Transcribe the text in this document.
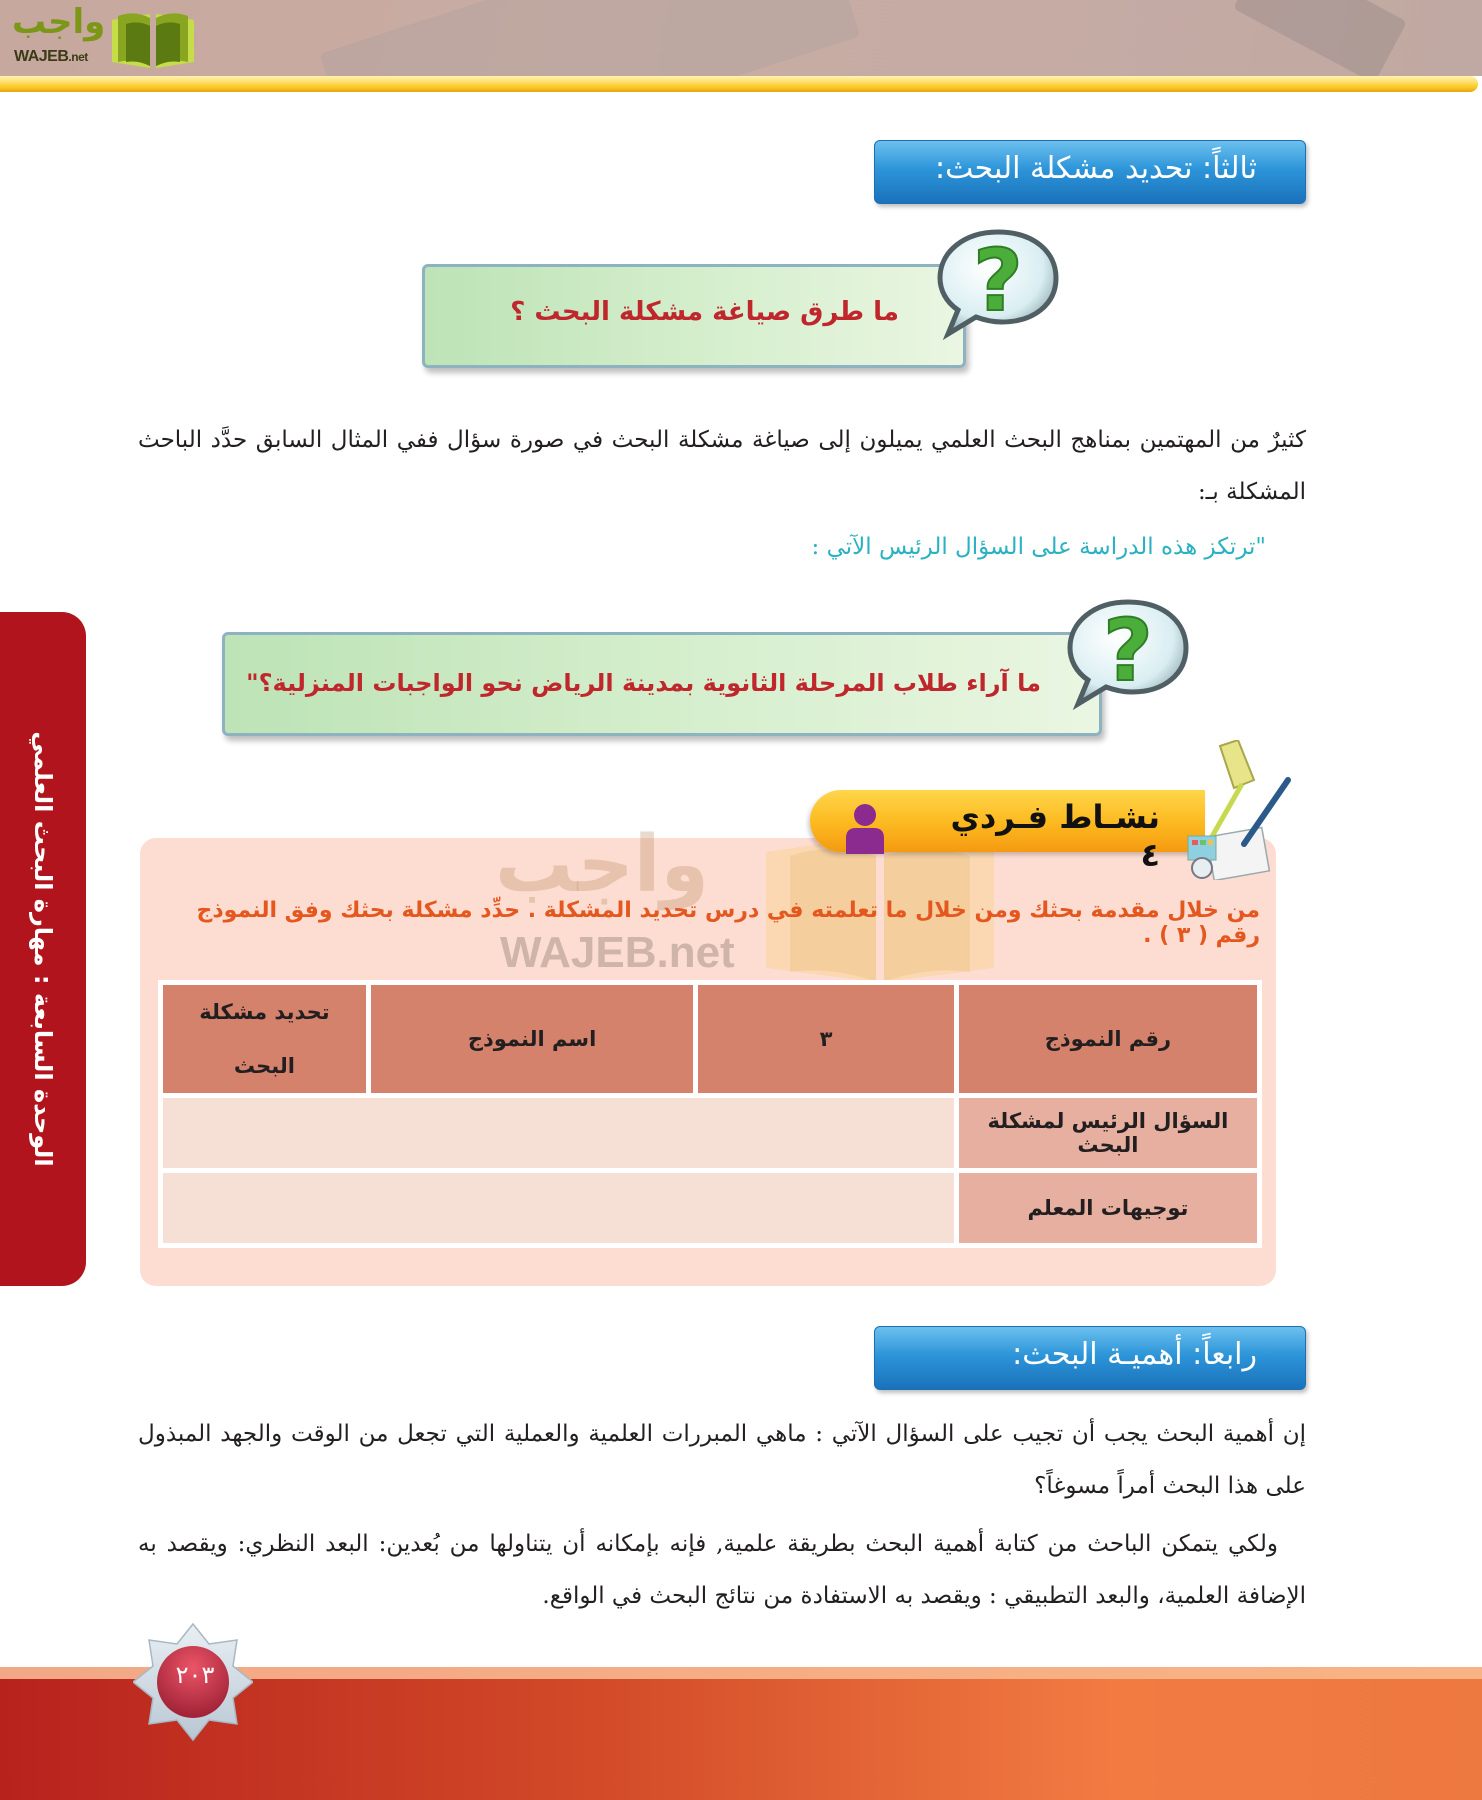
واجب
WAJEB.net
الوحدة السابعة : مهارة البحث العلمي
ثالثاً: تحديد مشكلة البحث:
ما طرق صياغة مشكلة البحث ؟ ?
كثيرٌ من المهتمين بمناهج البحث العلمي يميلون إلى صياغة مشكلة البحث في صورة سؤال ففي المثال السابق حدَّد الباحث المشكلة بـ:
"ترتكز هذه الدراسة على السؤال الرئيس الآتي :
ما آراء طلاب المرحلة الثانوية بمدينة الرياض نحو الواجبات المنزلية؟" ?
واجب
WAJEB.net
نشـاط فـردي ٤
من خلال مقدمة بحثك ومن خلال ما تعلمته في درس تحديد المشكلة . حدِّد مشكلة بحثك وفق النموذج رقم ( ٣ ) .
رقم النموذج	٣	اسم النموذج	تحديد مشكلة البحث
السؤال الرئيس لمشكلة البحث			
توجيهات المعلم			
رابعاً: أهميـة البحث:
إن أهمية البحث يجب أن تجيب على السؤال الآتي : ماهي المبررات العلمية والعملية التي تجعل من الوقت والجهد المبذول على هذا البحث أمراً مسوغاً؟
ولكي يتمكن الباحث من كتابة أهمية البحث بطريقة علمية, فإنه بإمكانه أن يتناولها من بُعدين: البعد النظري: ويقصد به الإضافة العلمية، والبعد التطبيقي : ويقصد به الاستفادة من نتائج البحث في الواقع.
٢٠٣
